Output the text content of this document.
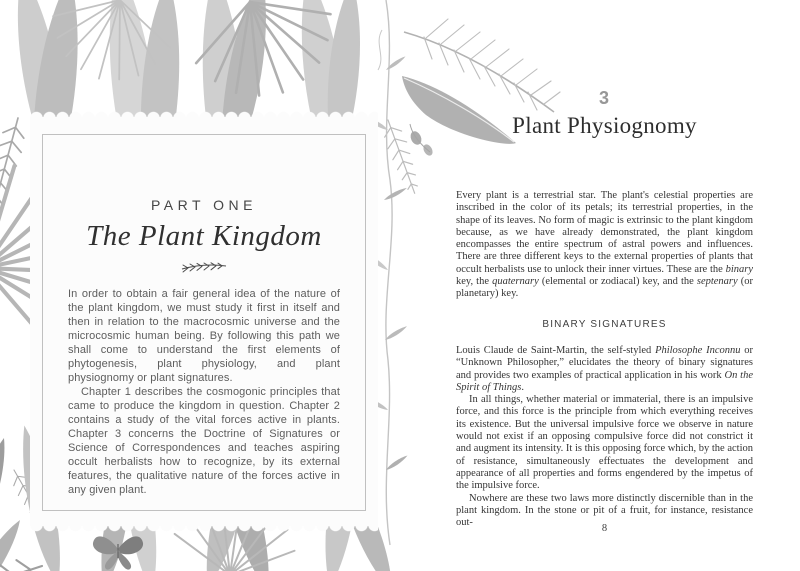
PART ONE
The Plant Kingdom

In order to obtain a fair general idea of the nature of the plant kingdom, we must study it first in itself and then in relation to the macrocosmic universe and the microcosmic human being. By following this path we shall come to understand the first elements of phytogenesis, plant physiology, and plant physiognomy or plant signatures.

Chapter 1 describes the cosmogonic principles that came to produce the kingdom in question. Chapter 2 contains a study of the vital forces active in plants. Chapter 3 concerns the Doctrine of Signatures or Science of Correspondences and teaches aspiring occult herbalists how to recognize, by its external features, the qualitative nature of the forces active in any given plant.

3
Plant Physiognomy

Every plant is a terrestrial star. The plant's celestial properties are inscribed in the color of its petals; its terrestrial properties, in the shape of its leaves. No form of magic is extrinsic to the plant kingdom because, as we have already demonstrated, the plant kingdom encompasses the entire spectrum of astral powers and influences. There are three different keys to the external properties of plants that occult herbalists use to unlock their inner virtues. These are the binary key, the quaternary (elemental or zodiacal) key, and the septenary (or planetary) key.

BINARY SIGNATURES

Louis Claude de Saint-Martin, the self-styled Philosophe Inconnu or “Unknown Philosopher,” elucidates the theory of binary signatures and provides two examples of practical application in his work On the Spirit of Things.

In all things, whether material or immaterial, there is an impulsive force, and this force is the principle from which everything receives its existence. But the universal impulsive force we observe in nature would not exist if an opposing compulsive force did not constrict it and augment its intensity. It is this opposing force which, by the action of resistance, simultaneously effectuates the development and appearance of all properties and forms engendered by the impetus of the impulsive force.

Nowhere are these two laws more distinctly discernible than in the plant kingdom. In the stone or pit of a fruit, for instance, resistance out-

8
